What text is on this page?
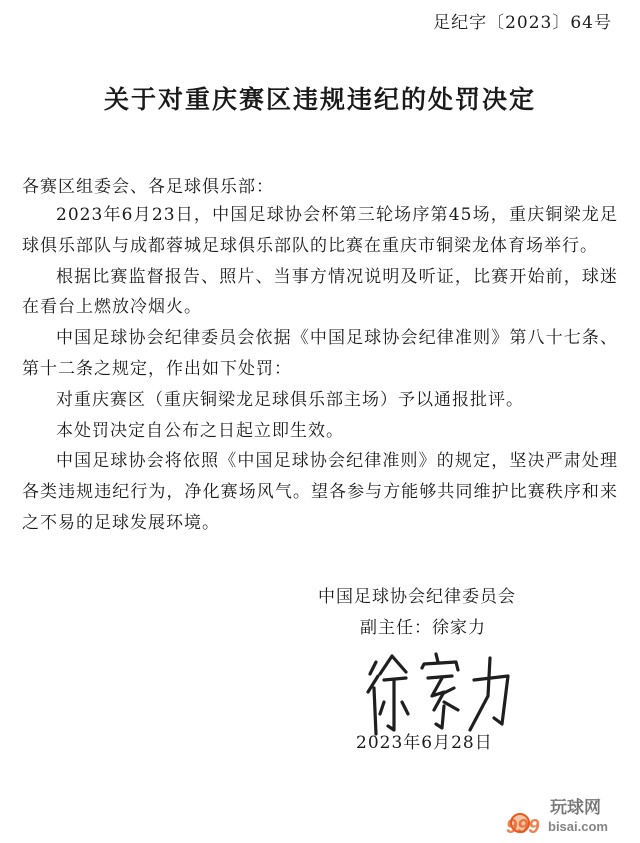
足纪字〔2023〕64号
关于对重庆赛区违规违纪的处罚决定
各赛区组委会、各足球俱乐部：

2023年6月23日，中国足球协会杯第三轮场序第45场，重庆铜梁龙足球俱乐部队与成都蓉城足球俱乐部队的比赛在重庆市铜梁龙体育场举行。

根据比赛监督报告、照片、当事方情况说明及听证，比赛开始前，球迷在看台上燃放冷烟火。

中国足球协会纪律委员会依据《中国足球协会纪律准则》第八十七条、第十二条之规定，作出如下处罚：

对重庆赛区（重庆铜梁龙足球俱乐部主场）予以通报批评。

本处罚决定自公布之日起立即生效。

中国足球协会将依照《中国足球协会纪律准则》的规定，坚决严肃处理各类违规违纪行为，净化赛场风气。望各参与方能够共同维护比赛秩序和来之不易的足球发展环境。

中国足球协会纪律委员会
副主任：徐家力
2023年6月28日
999
玩球网
bisai.com
